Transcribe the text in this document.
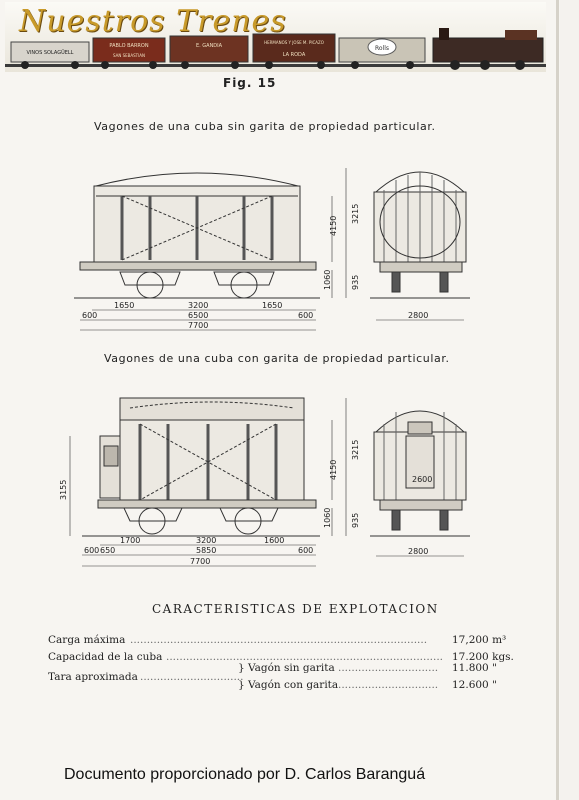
VINOS SOLAGÜELL
PABLO BARRON
SAN SEBASTIAN
E. GANDIA
HERMANOS Y JOSE M. PICAZO
LA RODA
Rolls
Nuestros Trenes
Fig. 15
Vagones de una cuba sin garita de propiedad particular.
1650	3200	1650
600	6500	600
7700
2800
4150
3215
1060 935
Vagones de una cuba con garita de propiedad particular.
1700	3200	1600
600 650	5850	600
7700
2800
2600
3155
3215
4150
1060 935
CARACTERISTICAS DE EXPLOTACION
Carga máxima ......................................................................................... 17,200 m³
Capacidad de la cuba ................................................................................... 17.200 kgs.
Tara aproximada ...............................
} Vagón sin garita .............................. 11.800 "
} Vagón con garita .............................. 12.600 "
Documento proporcionado por D. Carlos Baranguá
